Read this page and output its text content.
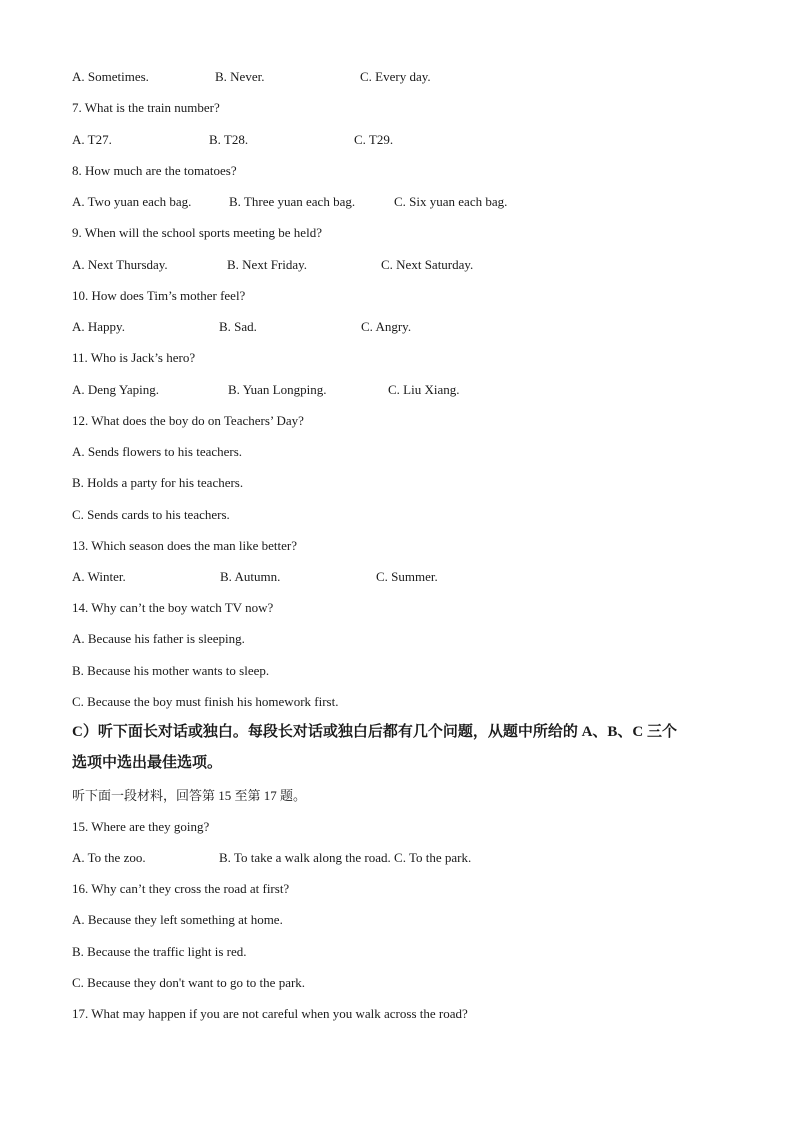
A. Sometimes.	B. Never.	C. Every day.
7. What is the train number?
A. T27.	B. T28.	C. T29.
8. How much are the tomatoes?
A. Two yuan each bag.	B. Three yuan each bag.	C. Six yuan each bag.
9. When will the school sports meeting be held?
A. Next Thursday.	B. Next Friday.	C. Next Saturday.
10. How does Tim’s mother feel?
A. Happy.	B. Sad.	C. Angry.
11. Who is Jack’s hero?
A. Deng Yaping.	B. Yuan Longping.	C. Liu Xiang.
12. What does the boy do on Teachers’ Day?
A. Sends flowers to his teachers.
B. Holds a party for his teachers.
C. Sends cards to his teachers.
13. Which season does the man like better?
A. Winter.	B. Autumn.	C. Summer.
14. Why can’t the boy watch TV now?
A. Because his father is sleeping.
B. Because his mother wants to sleep.
C. Because the boy must finish his homework first.
C）听下面长对话或独白。每段长对话或独白后都有几个问题，从题中所给的 A、B、C 三个
选项中选出最佳选项。
听下面一段材料，回答第 15 至第 17 题。
15. Where are they going?
A. To the zoo.	B. To take a walk along the road. C. To the park.
16. Why can’t they cross the road at first?
A. Because they left something at home.
B. Because the traffic light is red.
C. Because they don't want to go to the park.
17. What may happen if you are not careful when you walk across the road?
